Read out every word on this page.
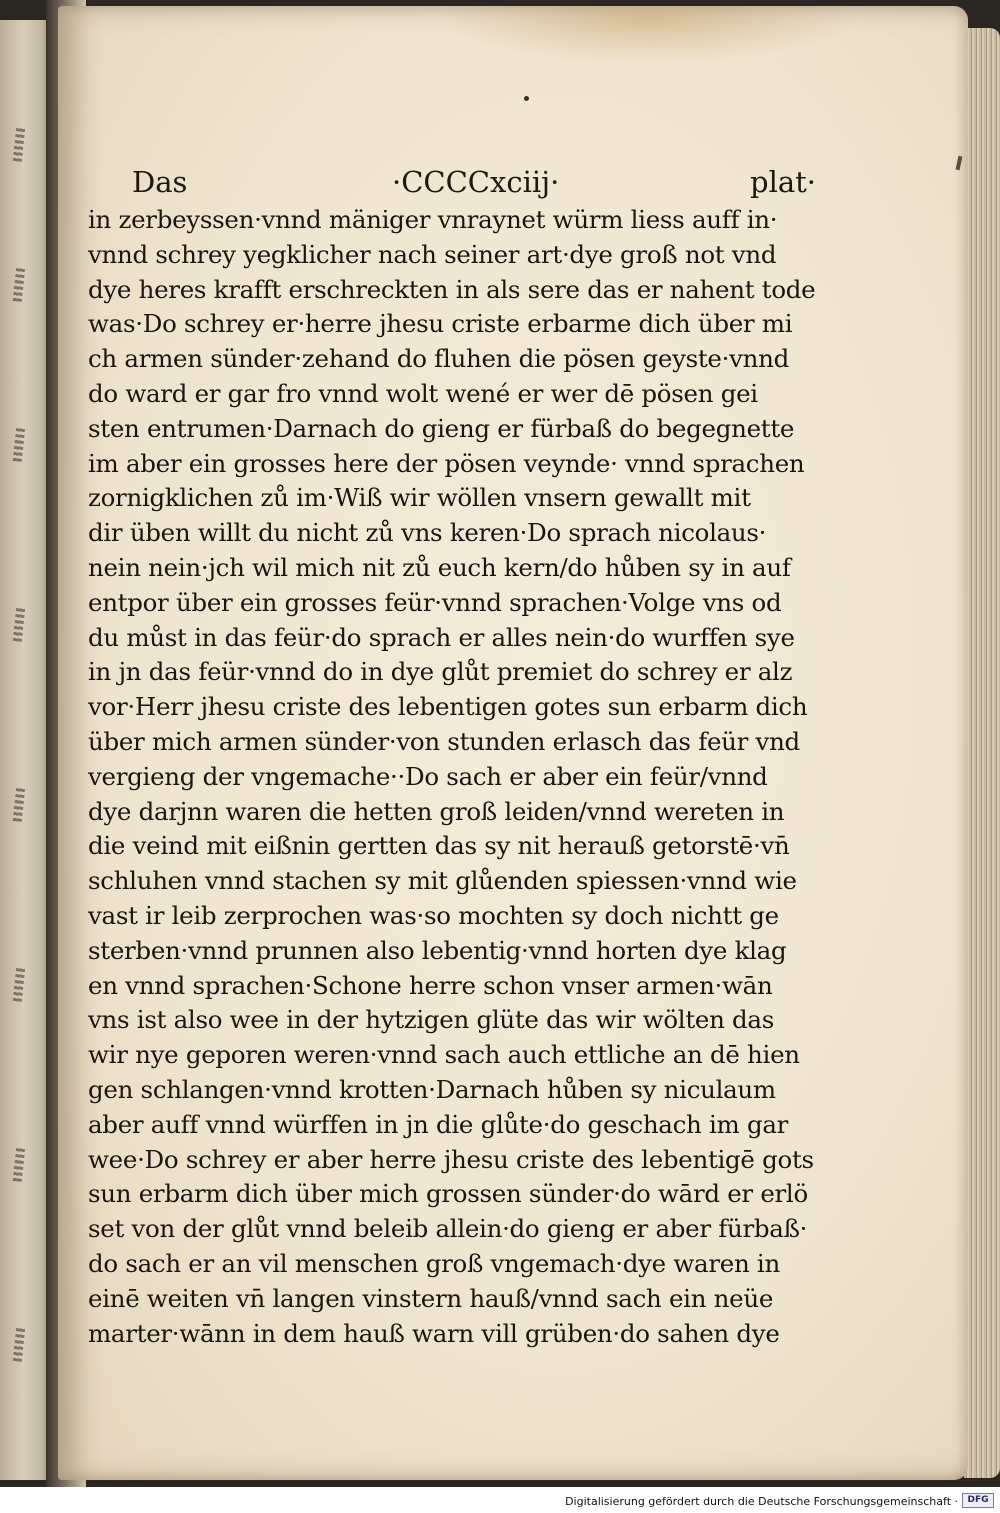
Das	·CCCCxciij·	plat·
in zerbeyssen·vnnd mäniger vnraynet würm liess auff in·
vnnd schrey yegklicher nach seiner art·dye groß not vnd
dye heres krafft erschreckten in als sere das er nahent tode
was·Do schrey er·herre jhesu criste erbarme dich über mi
ch armen sünder·zehand do fluhen die pösen geyste·vnnd
do ward er gar fro vnnd wolt wené er wer dē pösen gei
sten entrumen·Darnach do gieng er fürbaß do begegnette
im aber ein grosses here der pösen veynde· vnnd sprachen
zornigklichen zů im·Wiß wir wöllen vnsern gewallt mit
dir üben willt du nicht zů vns keren·Do sprach nicolaus·
nein nein·jch wil mich nit zů euch kern/do hůben sy in auf
entpor über ein grosses feür·vnnd sprachen·Volge vns od
du můst in das feür·do sprach er alles nein·do wurffen sye
in jn das feür·vnnd do in dye glůt premiet do schrey er alz
vor·Herr jhesu criste des lebentigen gotes sun erbarm dich
über mich armen sünder·von stunden erlasch das feür vnd
vergieng der vngemache··Do sach er aber ein feür/vnnd
dye darjnn waren die hetten groß leiden/vnnd wereten in
die veind mit eißnin gertten das sy nit herauß getorstē·vn̄
schluhen vnnd stachen sy mit glůenden spiessen·vnnd wie
vast ir leib zerprochen was·so mochten sy doch nichtt ge
sterben·vnnd prunnen also lebentig·vnnd horten dye klag
en vnnd sprachen·Schone herre schon vnser armen·wān
vns ist also wee in der hytzigen glüte das wir wölten das
wir nye geporen weren·vnnd sach auch ettliche an dē hien
gen schlangen·vnnd krotten·Darnach hůben sy niculaum
aber auff vnnd würffen in jn die glůte·do geschach im gar
wee·Do schrey er aber herre jhesu criste des lebentigē gots
sun erbarm dich über mich grossen sünder·do wārd er erlö
set von der glůt vnnd beleib allein·do gieng er aber fürbaß·
do sach er an vil menschen groß vngemach·dye waren in
einē weiten vn̄ langen vinstern hauß/vnnd sach ein neüe
marter·wānn in dem hauß warn vill grüben·do sahen dye
Digitalisierung gefördert durch die Deutsche Forschungsgemeinschaft ·	DFG
